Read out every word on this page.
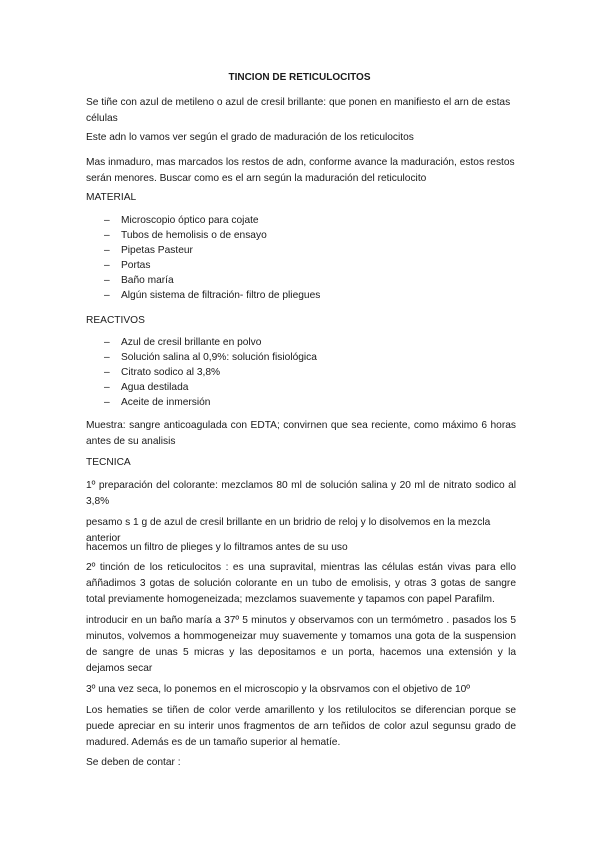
TINCION DE RETICULOCITOS
Se tiñe con azul de metileno o azul de cresil brillante: que ponen en manifiesto el arn de estas células
Este adn lo vamos ver según el grado de maduración de los reticulocitos
Mas inmaduro, mas marcados los restos de adn, conforme avance la maduración, estos restos serán menores. Buscar como es el arn según la maduración del reticulocito
MATERIAL
– Microscopio óptico para cojate
– Tubos de hemolisis o de ensayo
– Pipetas Pasteur
– Portas
– Baño maría
– Algún sistema de filtración- filtro de pliegues
REACTIVOS
– Azul de cresil brillante en polvo
– Solución salina al 0,9%: solución fisiológica
– Citrato sodico al 3,8%
– Agua destilada
– Aceite de inmersión
Muestra: sangre anticoagulada con EDTA; convirnen que sea reciente, como máximo 6 horas antes de su analisis
TECNICA
1º preparación del colorante: mezclamos 80 ml de solución salina y 20 ml de nitrato sodico al 3,8%
pesamo s 1 g de azul de cresil brillante en un bridrio de reloj y lo disolvemos en la mezcla anterior
hacemos un filtro de plieges y lo filtramos antes de su uso
2º tinción de los reticulocitos : es una supravital, mientras las células están vivas para ello aññadimos 3 gotas de solución colorante en un tubo de emolisis, y otras 3 gotas de sangre total previamente homogeneizada; mezclamos suavemente y tapamos con papel Parafilm.
introducir en un baño maría a 37º 5 minutos y observamos con un termómetro . pasados los 5 minutos, volvemos a hommogeneizar muy suavemente y tomamos una gota de la suspension de sangre de unas 5 micras y las depositamos e un porta, hacemos una extensión y la dejamos secar
3º una vez seca, lo ponemos en el microscopio y la obsrvamos con el objetivo de 10º
Los hematies se tiñen de color verde amarillento y los retilulocitos se diferencian porque se puede apreciar en su interir unos fragmentos de arn teñidos de color azul segunsu grado de madured. Además es de un tamaño superior al hematíe.
Se deben de contar :
